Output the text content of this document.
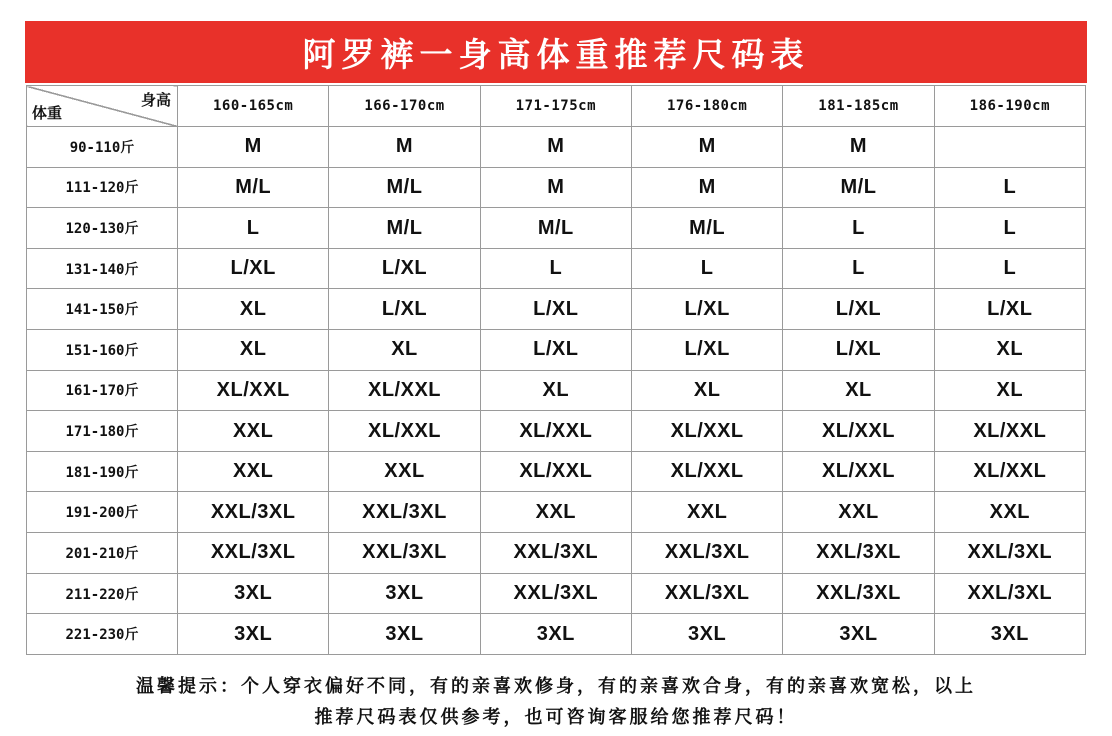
阿罗裤一身高体重推荐尺码表
身高
体重	160-165cm	166-170cm	171-175cm	176-180cm	181-185cm	186-190cm
90-110斤	M	M	M	M	M	
111-120斤	M/L	M/L	M	M	M/L	L
120-130斤	L	M/L	M/L	M/L	L	L
131-140斤	L/XL	L/XL	L	L	L	L
141-150斤	XL	L/XL	L/XL	L/XL	L/XL	L/XL
151-160斤	XL	XL	L/XL	L/XL	L/XL	XL
161-170斤	XL/XXL	XL/XXL	XL	XL	XL	XL
171-180斤	XXL	XL/XXL	XL/XXL	XL/XXL	XL/XXL	XL/XXL
181-190斤	XXL	XXL	XL/XXL	XL/XXL	XL/XXL	XL/XXL
191-200斤	XXL/3XL	XXL/3XL	XXL	XXL	XXL	XXL
201-210斤	XXL/3XL	XXL/3XL	XXL/3XL	XXL/3XL	XXL/3XL	XXL/3XL
211-220斤	3XL	3XL	XXL/3XL	XXL/3XL	XXL/3XL	XXL/3XL
221-230斤	3XL	3XL	3XL	3XL	3XL	3XL
温馨提示：个人穿衣偏好不同，有的亲喜欢修身，有的亲喜欢合身，有的亲喜欢宽松，以上
推荐尺码表仅供参考，也可咨询客服给您推荐尺码！
